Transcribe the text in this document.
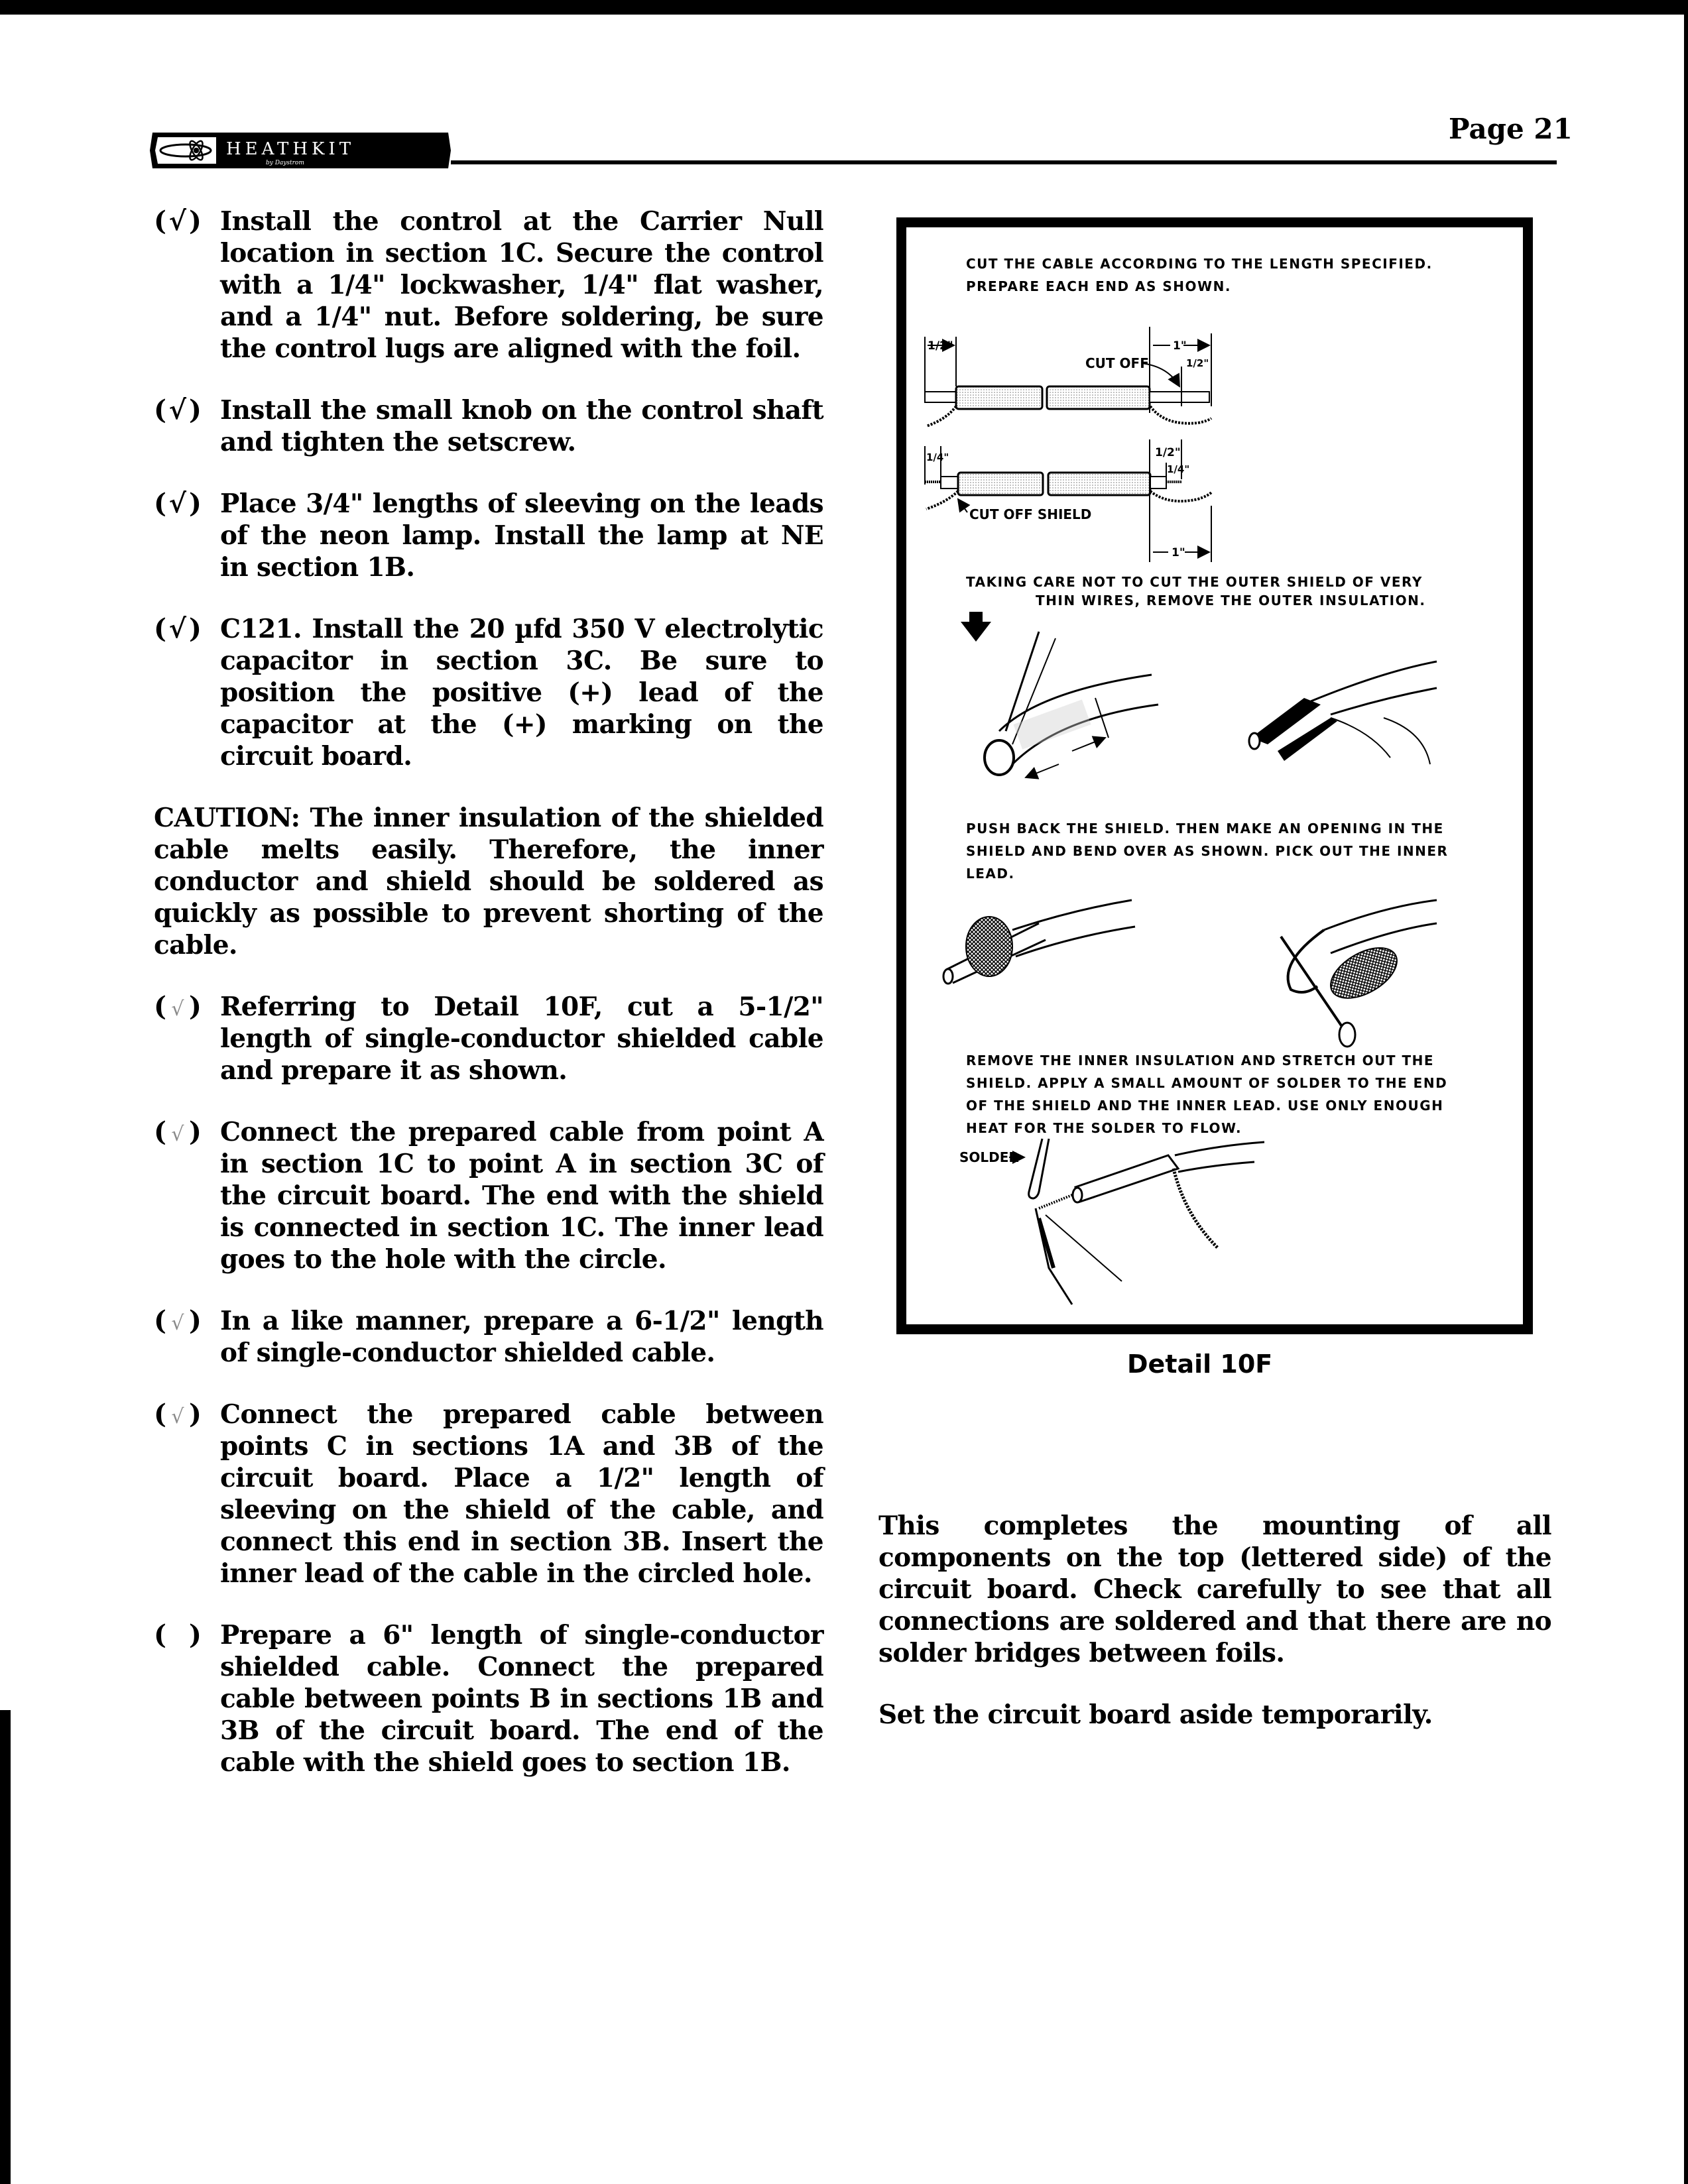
HEATHKIT
by Daystrom
Page 21
(√) Install the control at the Carrier Null location in section 1C. Secure the control with a 1/4" lockwasher, 1/4" flat washer, and a 1/4" nut. Before soldering, be sure the control lugs are aligned with the foil.
(√) Install the small knob on the control shaft and tighten the setscrew.
(√) Place 3/4" lengths of sleeving on the leads of the neon lamp. Install the lamp at NE in section 1B.
(√) C121. Install the 20 µfd 350 V electrolytic capacitor in section 3C. Be sure to position the positive (+) lead of the capacitor at the (+) marking on the circuit board.
CAUTION: The inner insulation of the shielded cable melts easily. Therefore, the inner conductor and shield should be soldered as quickly as possible to prevent shorting of the cable.
( √ ) Referring to Detail 10F, cut a 5-1/2" length of single-conductor shielded cable and prepare it as shown.
( √ ) Connect the prepared cable from point A in section 1C to point A in section 3C of the circuit board. The end with the shield is connected in section 1C. The inner lead goes to the hole with the circle.
( √ ) In a like manner, prepare a 6-1/2" length of single-conductor shielded cable.
( √ ) Connect the prepared cable between points C in sections 1A and 3B of the circuit board. Place a 1/2" length of sleeving on the shield of the cable, and connect this end in section 3B. Insert the inner lead of the cable in the circled hole.
( ) Prepare a 6" length of single-conductor shielded cable. Connect the prepared cable between points B in sections 1B and 3B of the circuit board. The end of the cable with the shield goes to section 1B.
CUT THE CABLE ACCORDING TO THE LENGTH SPECIFIED. PREPARE EACH END AS SHOWN.
1/2"	1"
1/2"
CUT OFF
1/4"	1/2"
1/4"
1"
CUT OFF SHIELD
TAKING CARE NOT TO CUT THE OUTER SHIELD OF VERY
THIN WIRES, REMOVE THE OUTER INSULATION.
PUSH BACK THE SHIELD. THEN MAKE AN OPENING IN THE SHIELD AND BEND OVER AS SHOWN. PICK OUT THE INNER LEAD.
REMOVE THE INNER INSULATION AND STRETCH OUT THE SHIELD. APPLY A SMALL AMOUNT OF SOLDER TO THE END OF THE SHIELD AND THE INNER LEAD. USE ONLY ENOUGH HEAT FOR THE SOLDER TO FLOW.
SOLDER
Detail 10F

This completes the mounting of all components on the top (lettered side) of the circuit board. Check carefully to see that all connections are soldered and that there are no solder bridges between foils.

Set the circuit board aside temporarily.
